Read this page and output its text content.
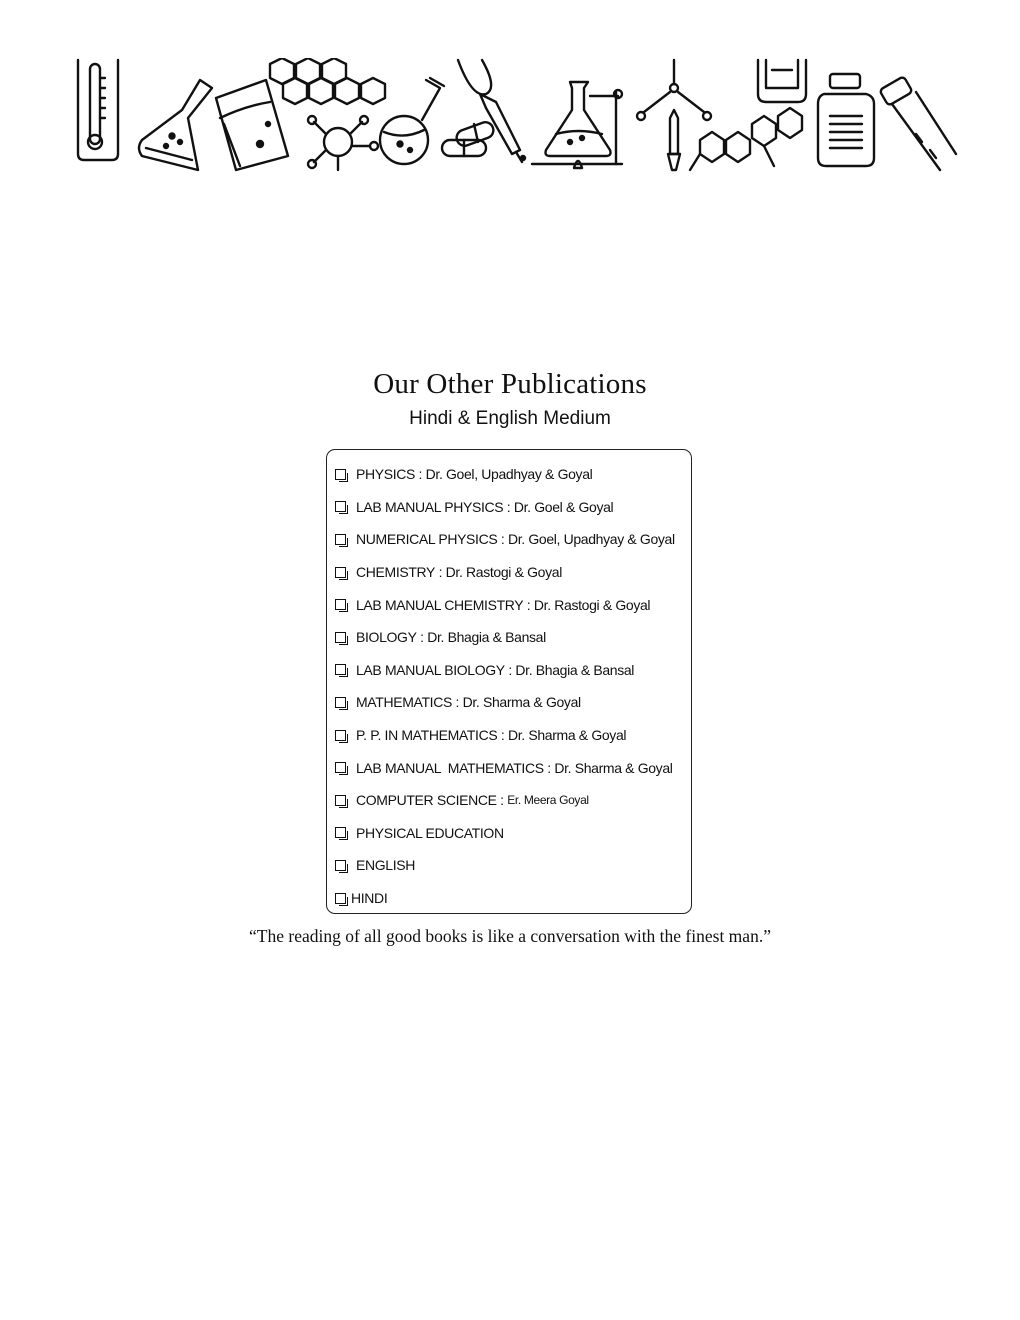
Our Other Publications
Hindi & English Medium
PHYSICS : Dr. Goel, Upadhyay & Goyal
LAB MANUAL PHYSICS : Dr. Goel & Goyal
NUMERICAL PHYSICS : Dr. Goel, Upadhyay & Goyal
CHEMISTRY : Dr. Rastogi & Goyal
LAB MANUAL CHEMISTRY : Dr. Rastogi & Goyal
BIOLOGY : Dr. Bhagia & Bansal
LAB MANUAL BIOLOGY : Dr. Bhagia & Bansal
MATHEMATICS : Dr. Sharma & Goyal
P. P. IN MATHEMATICS : Dr. Sharma & Goyal
LAB MANUAL  MATHEMATICS : Dr. Sharma & Goyal
COMPUTER SCIENCE : Er. Meera Goyal
PHYSICAL EDUCATION
ENGLISH
HINDI
“The reading of all good books is like a conversation with the finest man.”
